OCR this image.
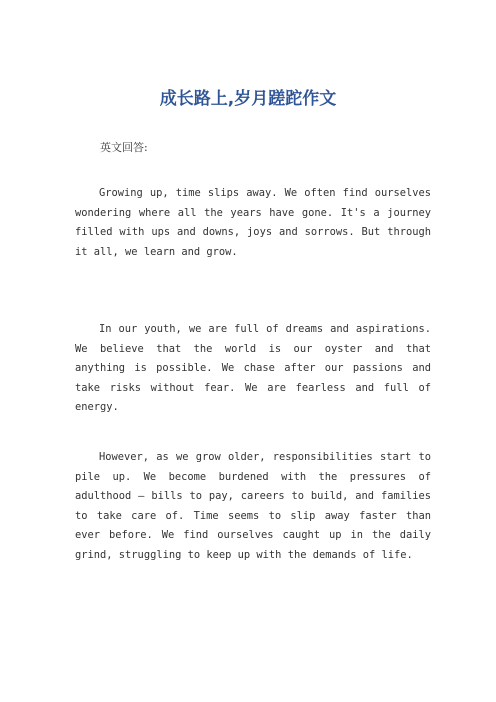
成长路上,岁月蹉跎作文
英文回答:

Growing up, time slips away. We often find ourselves wondering where all the years have gone. It's a journey filled with ups and downs, joys and sorrows. But through it all, we learn and grow.

In our youth, we are full of dreams and aspirations. We believe that the world is our oyster and that anything is possible. We chase after our passions and take risks without fear. We are fearless and full of energy.

However, as we grow older, responsibilities start to pile up. We become burdened with the pressures of adulthood – bills to pay, careers to build, and families to take care of. Time seems to slip away faster than ever before. We find ourselves caught up in the daily grind, struggling to keep up with the demands of life.
